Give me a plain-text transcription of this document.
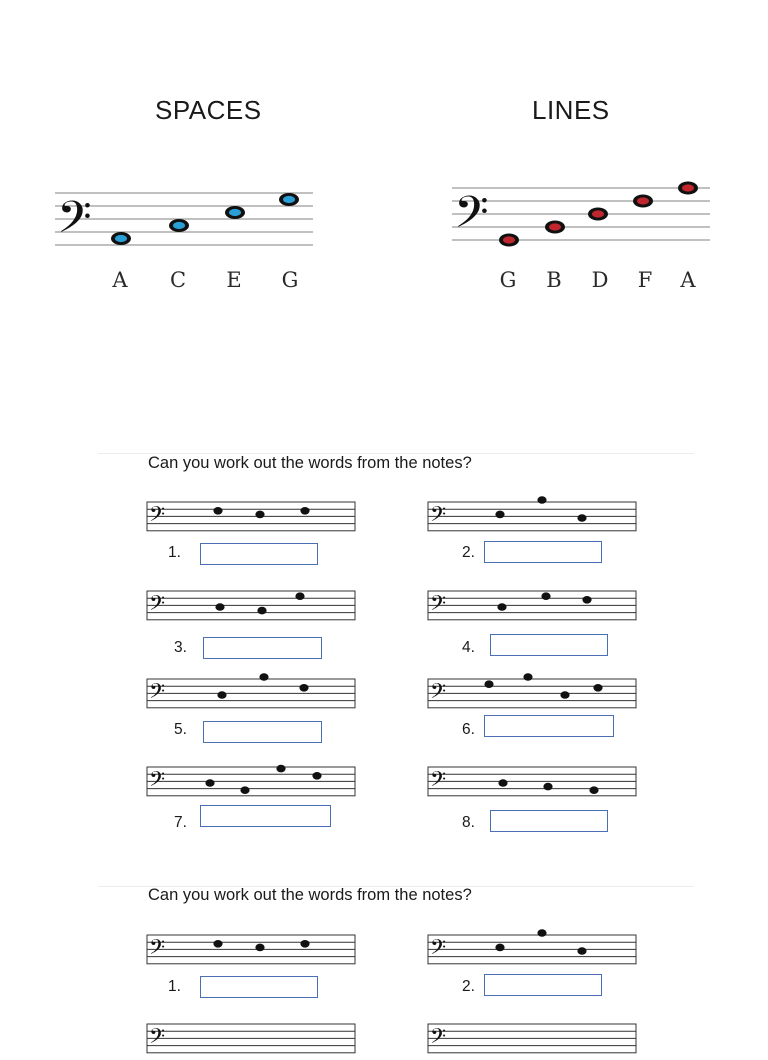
SPACES	LINES
𝄢	𝄢
A C E G	G B D F A
Can you work out the words from the notes?
𝄢	𝄢
𝄢	𝄢
𝄢	𝄢
𝄢	𝄢
1.	2.
3.	4.
5.	6.
7.	8.
Can you work out the words from the notes?
𝄢	𝄢
1.	2.
𝄢	𝄢
